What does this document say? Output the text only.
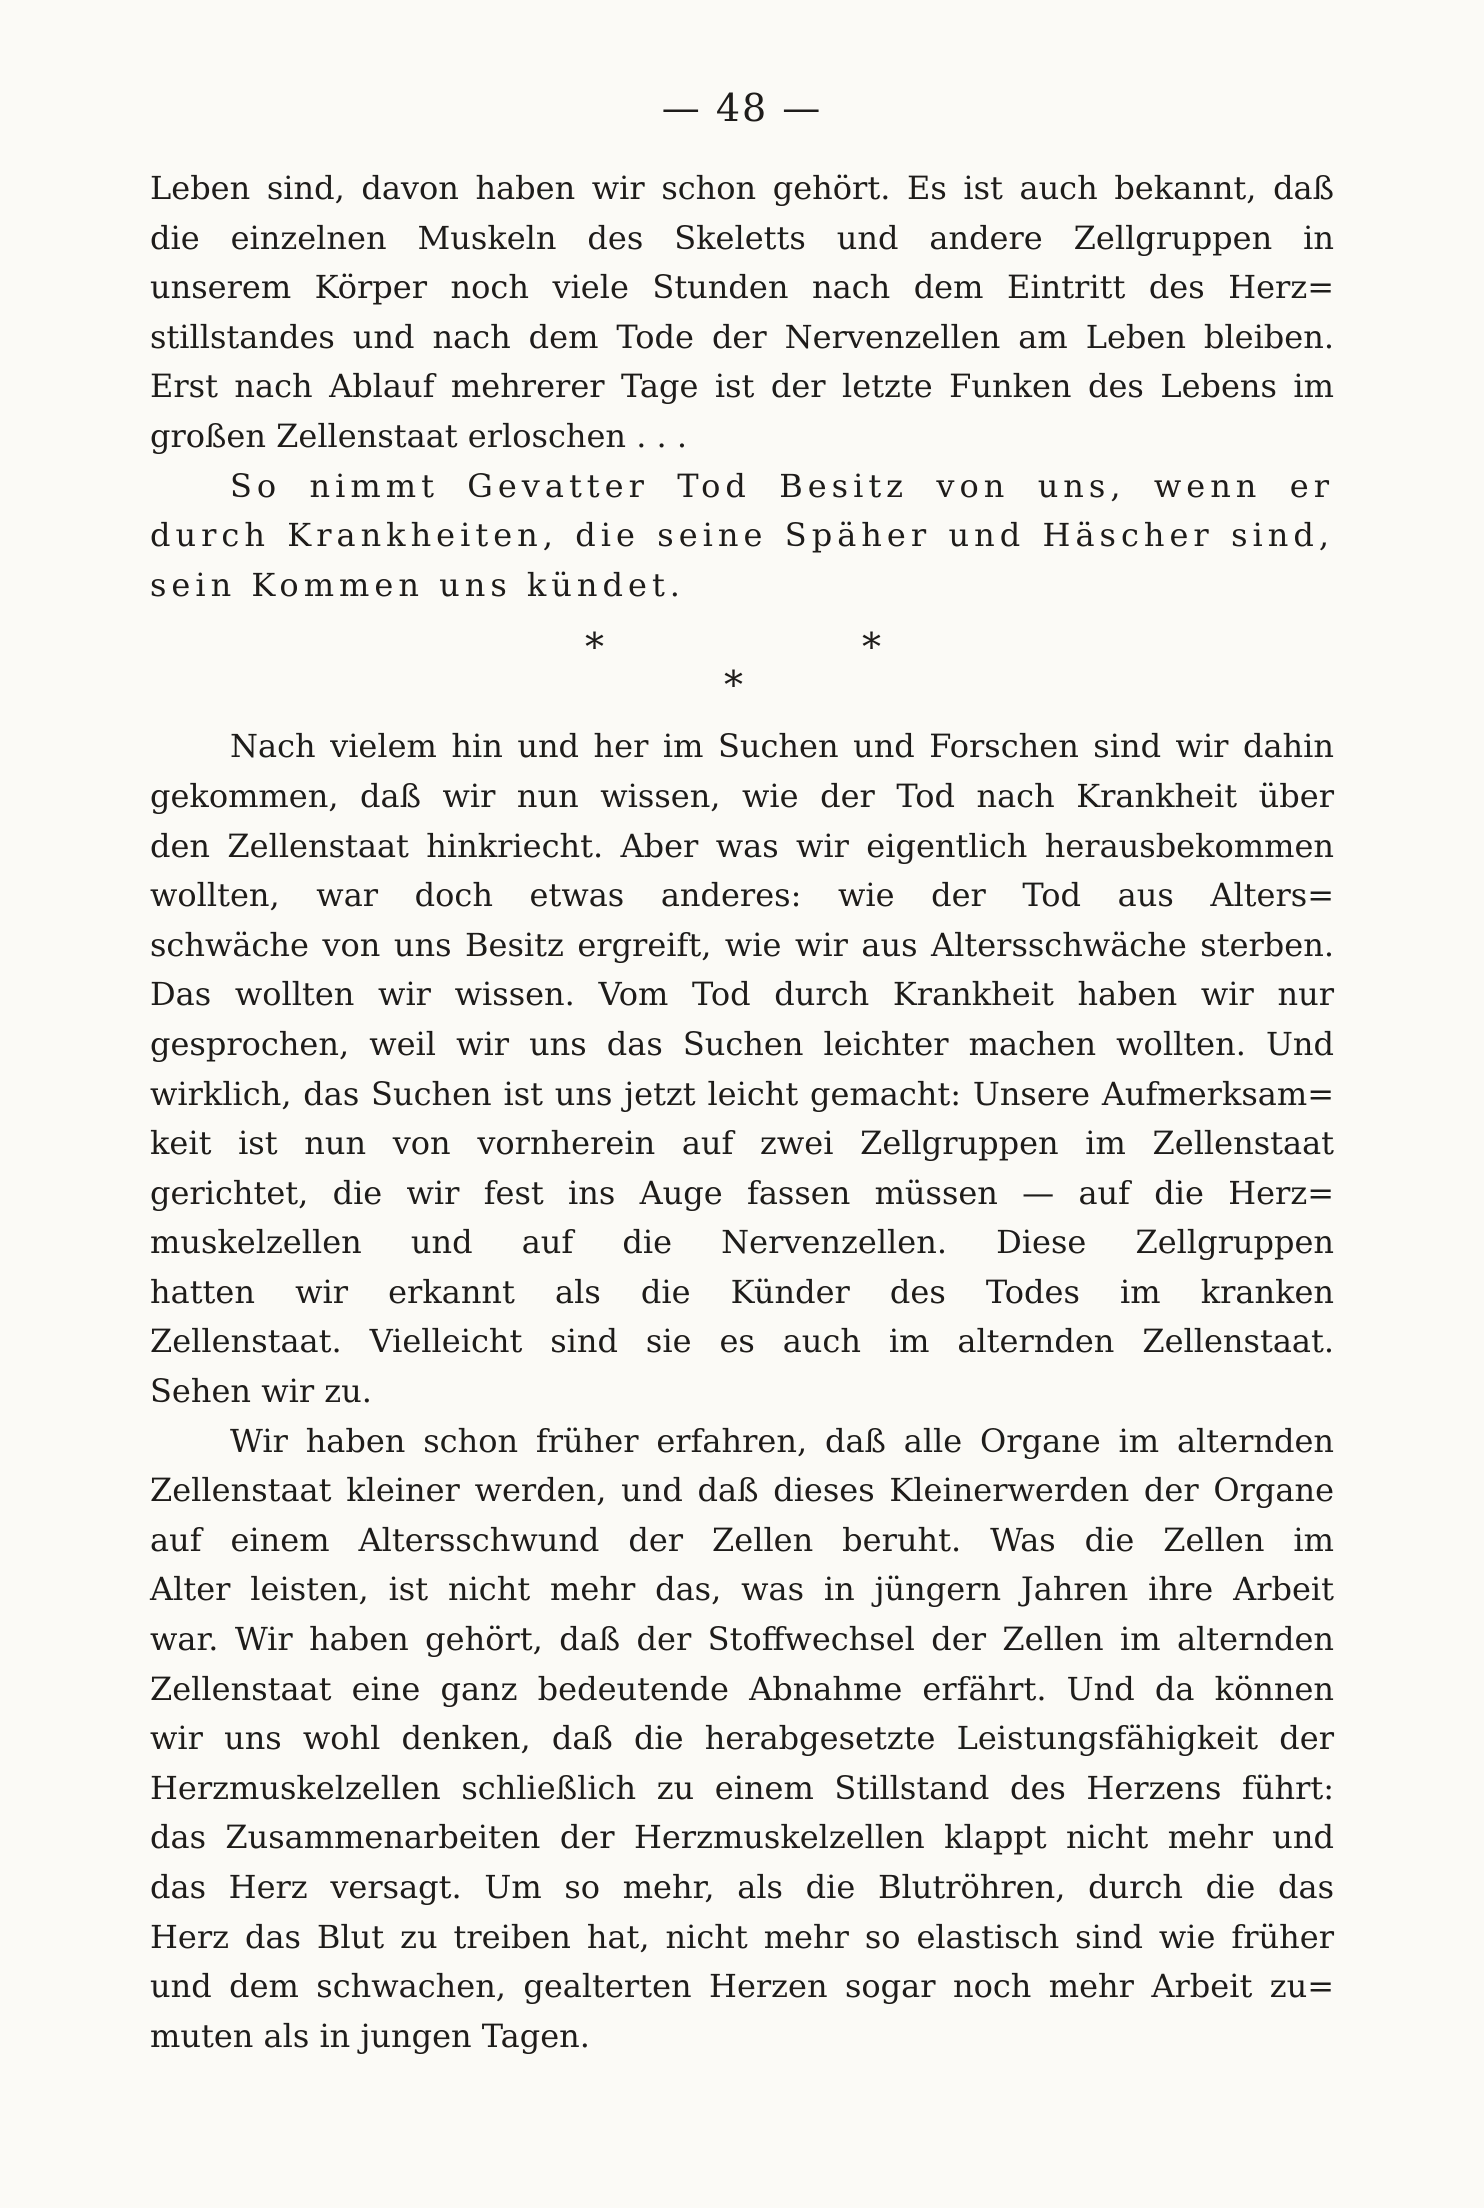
— 48 —
Leben sind, davon haben wir schon gehört. Es ist auch bekannt, daß
die einzelnen Muskeln des Skeletts und andere Zellgruppen in
unserem Körper noch viele Stunden nach dem Eintritt des Herz=
stillstandes und nach dem Tode der Nervenzellen am Leben bleiben.
Erst nach Ablauf mehrerer Tage ist der letzte Funken des Lebens im
großen Zellenstaat erloschen . . .
So nimmt Gevatter Tod Besitz von uns, wenn er
durch Krankheiten, die seine Späher und Häscher sind,
sein Kommen uns kündet.
*	*
*
Nach vielem hin und her im Suchen und Forschen sind wir dahin
gekommen, daß wir nun wissen, wie der Tod nach Krankheit über
den Zellenstaat hinkriecht. Aber was wir eigentlich herausbekommen
wollten, war doch etwas anderes: wie der Tod aus Alters=
schwäche von uns Besitz ergreift, wie wir aus Altersschwäche sterben.
Das wollten wir wissen. Vom Tod durch Krankheit haben wir nur
gesprochen, weil wir uns das Suchen leichter machen wollten. Und
wirklich, das Suchen ist uns jetzt leicht gemacht: Unsere Aufmerksam=
keit ist nun von vornherein auf zwei Zellgruppen im Zellenstaat
gerichtet, die wir fest ins Auge fassen müssen — auf die Herz=
muskelzellen und auf die Nervenzellen. Diese Zellgruppen
hatten wir erkannt als die Künder des Todes im kranken
Zellenstaat. Vielleicht sind sie es auch im alternden Zellenstaat.
Sehen wir zu.
Wir haben schon früher erfahren, daß alle Organe im alternden
Zellenstaat kleiner werden, und daß dieses Kleinerwerden der Organe
auf einem Altersschwund der Zellen beruht. Was die Zellen im
Alter leisten, ist nicht mehr das, was in jüngern Jahren ihre Arbeit
war. Wir haben gehört, daß der Stoffwechsel der Zellen im alternden
Zellenstaat eine ganz bedeutende Abnahme erfährt. Und da können
wir uns wohl denken, daß die herabgesetzte Leistungsfähigkeit der
Herzmuskelzellen schließlich zu einem Stillstand des Herzens führt:
das Zusammenarbeiten der Herzmuskelzellen klappt nicht mehr und
das Herz versagt. Um so mehr, als die Blutröhren, durch die das
Herz das Blut zu treiben hat, nicht mehr so elastisch sind wie früher
und dem schwachen, gealterten Herzen sogar noch mehr Arbeit zu=
muten als in jungen Tagen.
